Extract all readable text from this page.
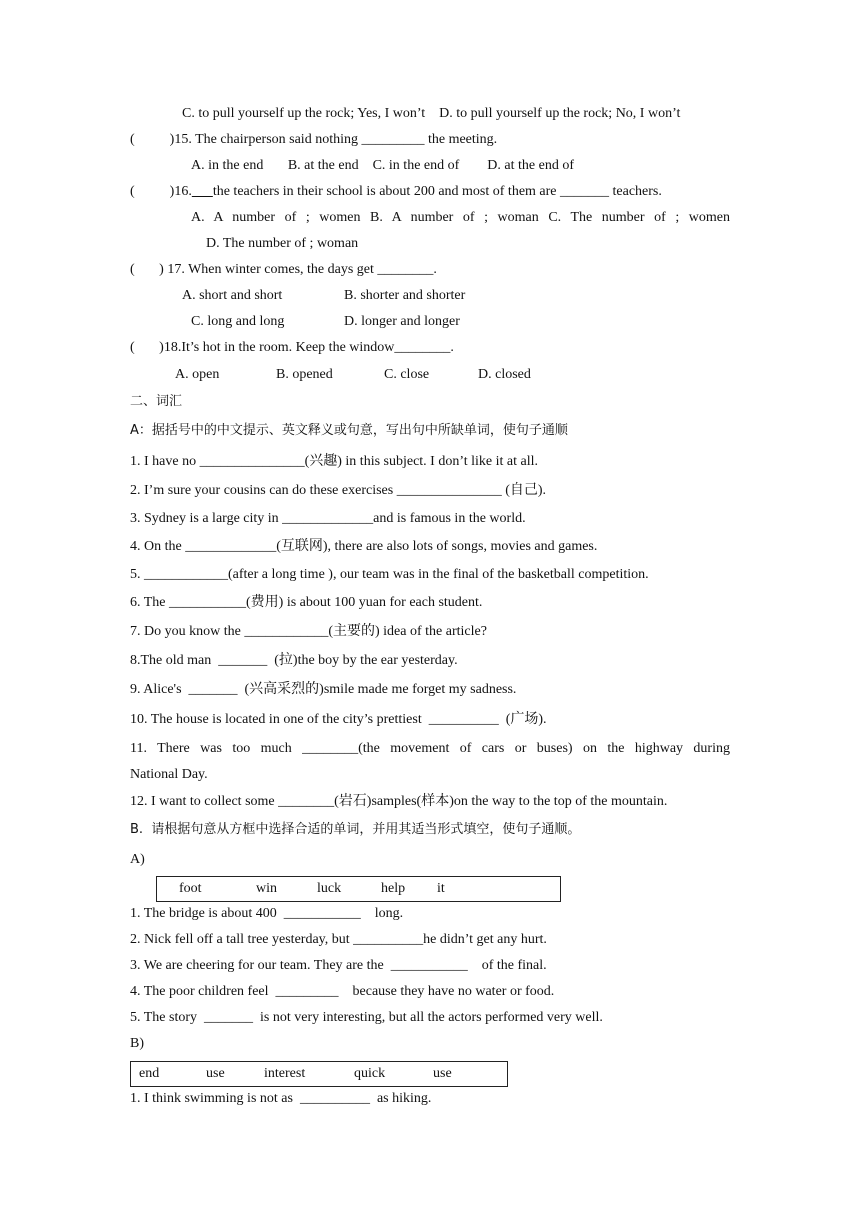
C. to pull yourself up the rock; Yes, I won’t    D. to pull yourself up the rock; No, I won’t
(          )15. The chairperson said nothing _________ the meeting.
A. in the end       B. at the end    C. in the end of        D. at the end of
(          )16. the teachers in their school is about 200 and most of them are _______ teachers.
A. A number of ; women B. A number of ; woman C. The number of ; women
D. The number of ; woman
(       ) 17. When winter comes, the days get ________.
A. short and short	B. shorter and shorter
C. long and long	D. longer and longer
(       )18.It’s hot in the room. Keep the window________.
A. open	B. opened	C. close	D. closed
二、词汇
A：据括号中的中文提示、英文释义或句意，写出句中所缺单词，使句子通顺
1. I have no _______________(兴趣) in this subject. I don’t like it at all.
2. I’m sure your cousins can do these exercises _______________ (自己).
3. Sydney is a large city in _____________and is famous in the world.
4. On the _____________(互联网), there are also lots of songs, movies and games.
5. ____________(after a long time ), our team was in the final of the basketball competition.
6. The ___________(费用) is about 100 yuan for each student.
7. Do you know the ____________(主要的) idea of the article?
8.The old man  _______  (拉)the boy by the ear yesterday.
9. Alice's  _______  (兴高采烈的)smile made me forget my sadness.
10. The house is located in one of the city’s prettiest  __________  (广场).
11. There was too much ________(the movement of cars or buses) on the highway during
National Day.
12. I want to collect some ________(岩石)samples(样本)on the way to the top of the mountain.
B.  请根据句意从方框中选择合适的单词，并用其适当形式填空，使句子通顺。
A)
foot	win	luck	help it
1. The bridge is about 400  ___________    long.
2. Nick fell off a tall tree yesterday, but __________he didn’t get any hurt.
3. We are cheering for our team. They are the  ___________    of the final.
4. The poor children feel  _________    because they have no water or food.
5. The story  _______  is not very interesting, but all the actors performed very well.
B)
end	use	interest	quick	use
1. I think swimming is not as  __________  as hiking.
